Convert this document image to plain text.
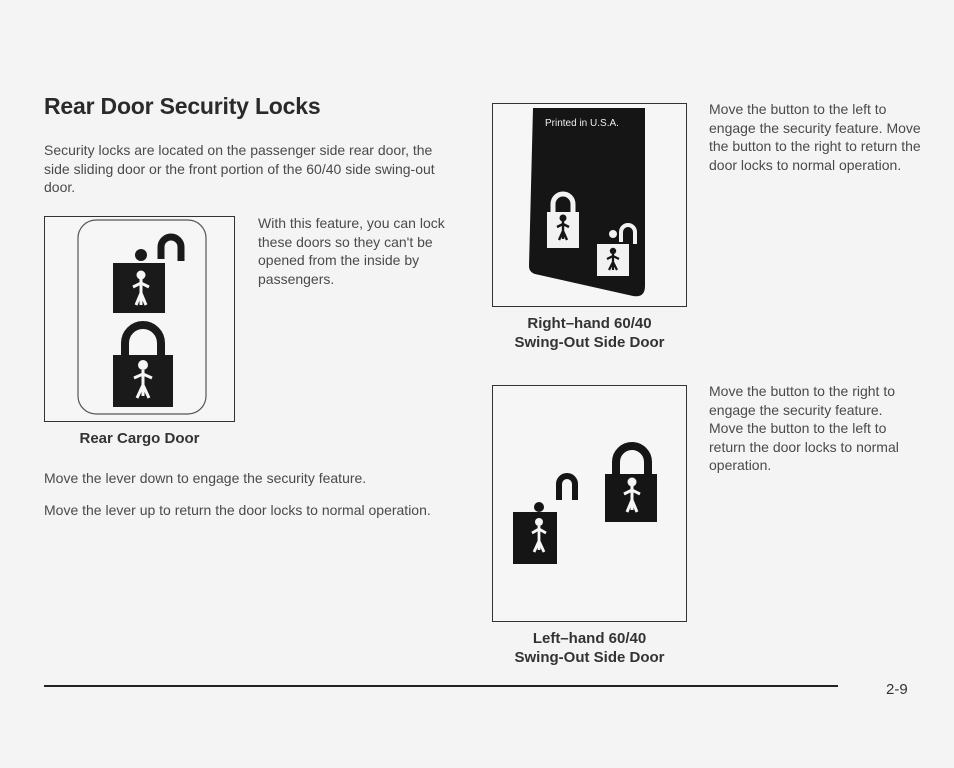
Rear Door Security Locks
Security locks are located on the passenger side rear door, the side sliding door or the front portion of the 60/40 side swing-out door.
Rear Cargo Door
With this feature, you can lock these doors so they can't be opened from the inside by passengers.
Move the lever down to engage the security feature.
Move the lever up to return the door locks to normal operation.
Printed in U.S.A.
Right–hand 60/40
Swing-Out Side Door
Move the button to the left to engage the security feature. Move the button to the right to return the door locks to normal operation.
Left–hand 60/40
Swing-Out Side Door
Move the button to the right to engage the security feature. Move the button to the left to return the door locks to normal operation.
2-9
